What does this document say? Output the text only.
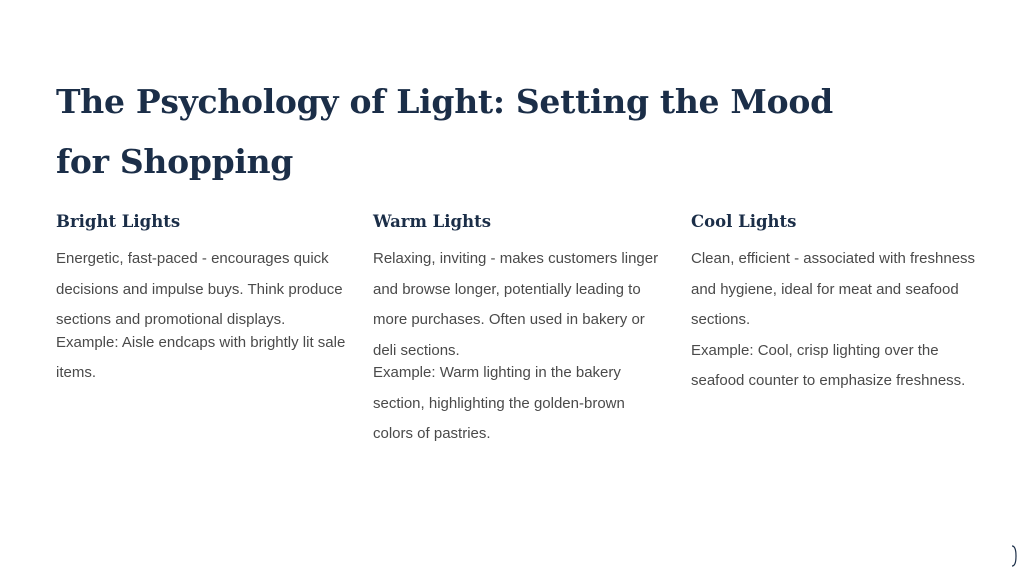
The Psychology of Light: Setting the Mood for Shopping
Bright Lights

Energetic, fast-paced - encourages quick decisions and impulse buys. Think produce sections and promotional displays.

Example: Aisle endcaps with brightly lit sale items.

Warm Lights

Relaxing, inviting - makes customers linger and browse longer, potentially leading to more purchases. Often used in bakery or deli sections.

Example: Warm lighting in the bakery section, highlighting the golden-brown colors of pastries.

Cool Lights

Clean, efficient - associated with freshness and hygiene, ideal for meat and seafood sections.

Example: Cool, crisp lighting over the seafood counter to emphasize freshness.
